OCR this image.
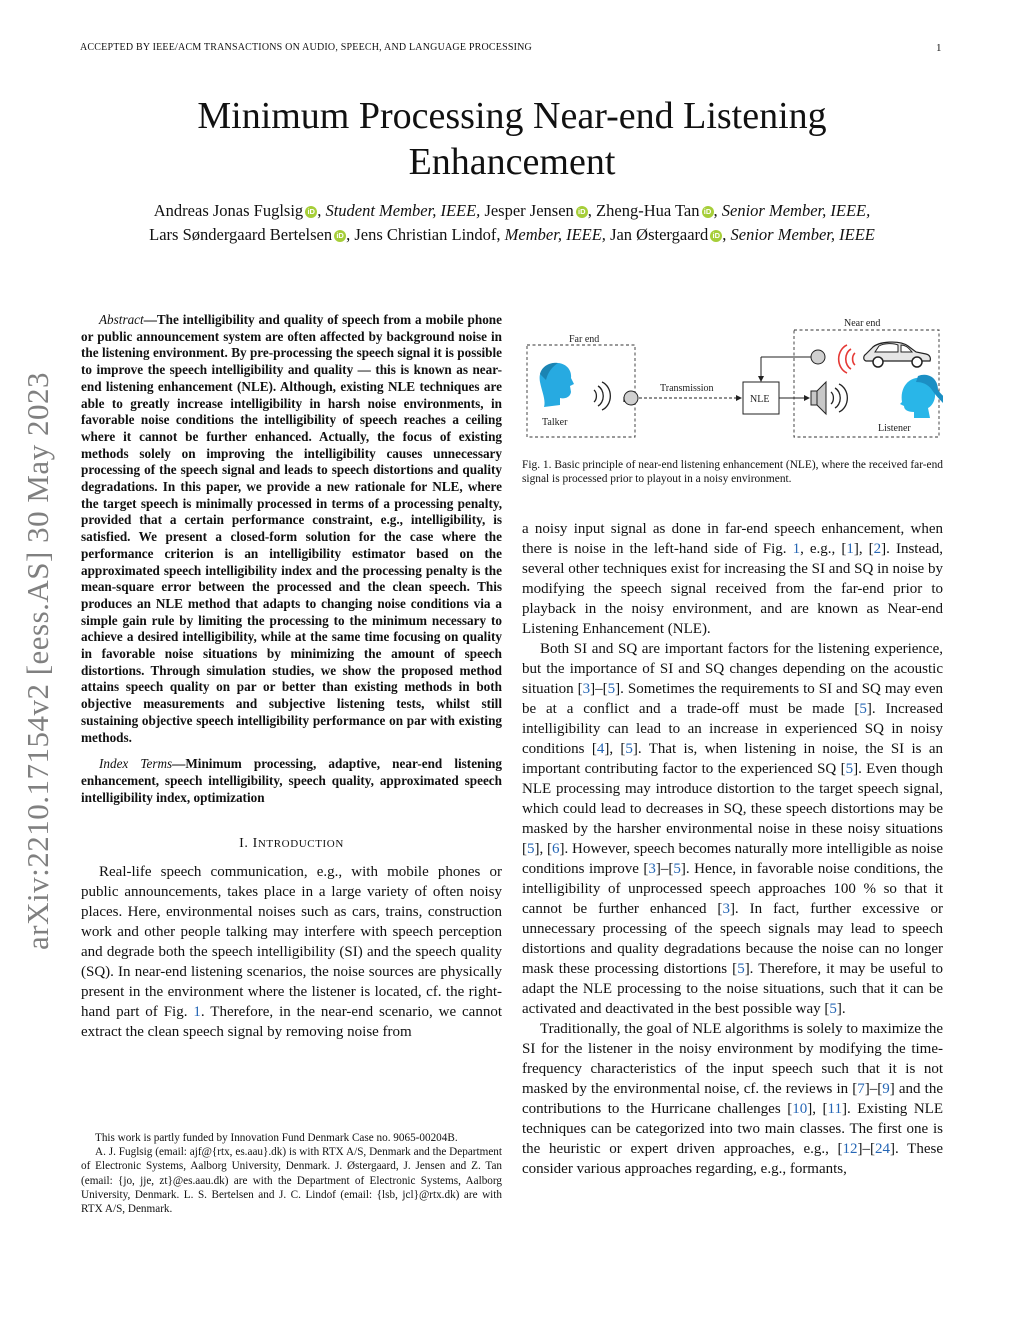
ACCEPTED BY IEEE/ACM TRANSACTIONS ON AUDIO, SPEECH, AND LANGUAGE PROCESSING	1
Minimum Processing Near-end Listening
Enhancement
Andreas Jonas Fuglsig iD , Student Member, IEEE, Jesper Jensen iD , Zheng-Hua Tan iD , Senior Member, IEEE,
Lars Søndergaard Bertelsen iD , Jens Christian Lindof, Member, IEEE, Jan Østergaard iD , Senior Member, IEEE
arXiv:2210.17154v2 [eess.AS] 30 May 2023

Abstract—The intelligibility and quality of speech from a mobile phone or public announcement system are often affected by background noise in the listening environment. By pre-processing the speech signal it is possible to improve the speech intelligibility and quality — this is known as near-end listening enhancement (NLE). Although, existing NLE techniques are able to greatly increase intelligibility in harsh noise environments, in favorable noise conditions the intelligibility of speech reaches a ceiling where it cannot be further enhanced. Actually, the focus of existing methods solely on improving the intelligibility causes unnecessary processing of the speech signal and leads to speech distortions and quality degradations. In this paper, we provide a new rationale for NLE, where the target speech is minimally processed in terms of a processing penalty, provided that a certain performance constraint, e.g., intelligibility, is satisfied. We present a closed-form solution for the case where the performance criterion is an intelligibility estimator based on the approximated speech intelligibility index and the processing penalty is the mean-square error between the processed and the clean speech. This produces an NLE method that adapts to changing noise conditions via a simple gain rule by limiting the processing to the minimum necessary to achieve a desired intelligibility, while at the same time focusing on quality in favorable noise situations by minimizing the amount of speech distortions. Through simulation studies, we show the proposed method attains speech quality on par or better than existing methods in both objective measurements and subjective listening tests, whilst still sustaining objective speech intelligibility performance on par with existing methods.

Index Terms—Minimum processing, adaptive, near-end listening enhancement, speech intelligibility, speech quality, approximated speech intelligibility index, optimization

I. INTRODUCTION

Real-life speech communication, e.g., with mobile phones or public announcements, takes place in a large variety of often noisy places. Here, environmental noises such as cars, trains, construction work and other people talking may interfere with speech perception and degrade both the speech intelligibility (SI) and the speech quality (SQ). In near-end listening scenarios, the noise sources are physically present in the environment where the listener is located, cf. the right-hand part of Fig. 1. Therefore, in the near-end scenario, we cannot extract the clean speech signal by removing noise from

This work is partly funded by Innovation Fund Denmark Case no. 9065-00204B.

A. J. Fuglsig (email: ajf@{rtx, es.aau}.dk) is with RTX A/S, Denmark and the Department of Electronic Systems, Aalborg University, Denmark. J. Østergaard, J. Jensen and Z. Tan (email: {jo, jje, zt}@es.aau.dk) are with the Department of Electronic Systems, Aalborg University, Denmark. L. S. Bertelsen and J. C. Lindof (email: {lsb, jcl}@rtx.dk) are with RTX A/S, Denmark.

Far end
Near end
Talker
Transmission
NLE
Listener

Fig. 1. Basic principle of near-end listening enhancement (NLE), where the received far-end signal is processed prior to playout in a noisy environment.

a noisy input signal as done in far-end speech enhancement, when there is noise in the left-hand side of Fig. 1, e.g., [1], [2]. Instead, several other techniques exist for increasing the SI and SQ in noise by modifying the speech signal received from the far-end prior to playback in the noisy environment, and are known as Near-end Listening Enhancement (NLE).

Both SI and SQ are important factors for the listening experience, but the importance of SI and SQ changes depending on the acoustic situation [3]–[5]. Sometimes the requirements to SI and SQ may even be at a conflict and a trade-off must be made [5]. Increased intelligibility can lead to an increase in experienced SQ in noisy conditions [4], [5]. That is, when listening in noise, the SI is an important contributing factor to the experienced SQ [5]. Even though NLE processing may introduce distortion to the target speech signal, which could lead to decreases in SQ, these speech distortions may be masked by the harsher environmental noise in these noisy situations [5], [6]. However, speech becomes naturally more intelligible as noise conditions improve [3]–[5]. Hence, in favorable noise conditions, the intelligibility of unprocessed speech approaches 100 % so that it cannot be further enhanced [3]. In fact, further excessive or unnecessary processing of the speech signals may lead to speech distortions and quality degradations because the noise can no longer mask these processing distortions [5]. Therefore, it may be useful to adapt the NLE processing to the noise situations, such that it can be activated and deactivated in the best possible way [5].

Traditionally, the goal of NLE algorithms is solely to maximize the SI for the listener in the noisy environment by modifying the time-frequency characteristics of the input speech such that it is not masked by the environmental noise, cf. the reviews in [7]–[9] and the contributions to the Hurricane challenges [10], [11]. Existing NLE techniques can be categorized into two main classes. The first one is the heuristic or expert driven approaches, e.g., [12]–[24]. These consider various approaches regarding, e.g., formants,
